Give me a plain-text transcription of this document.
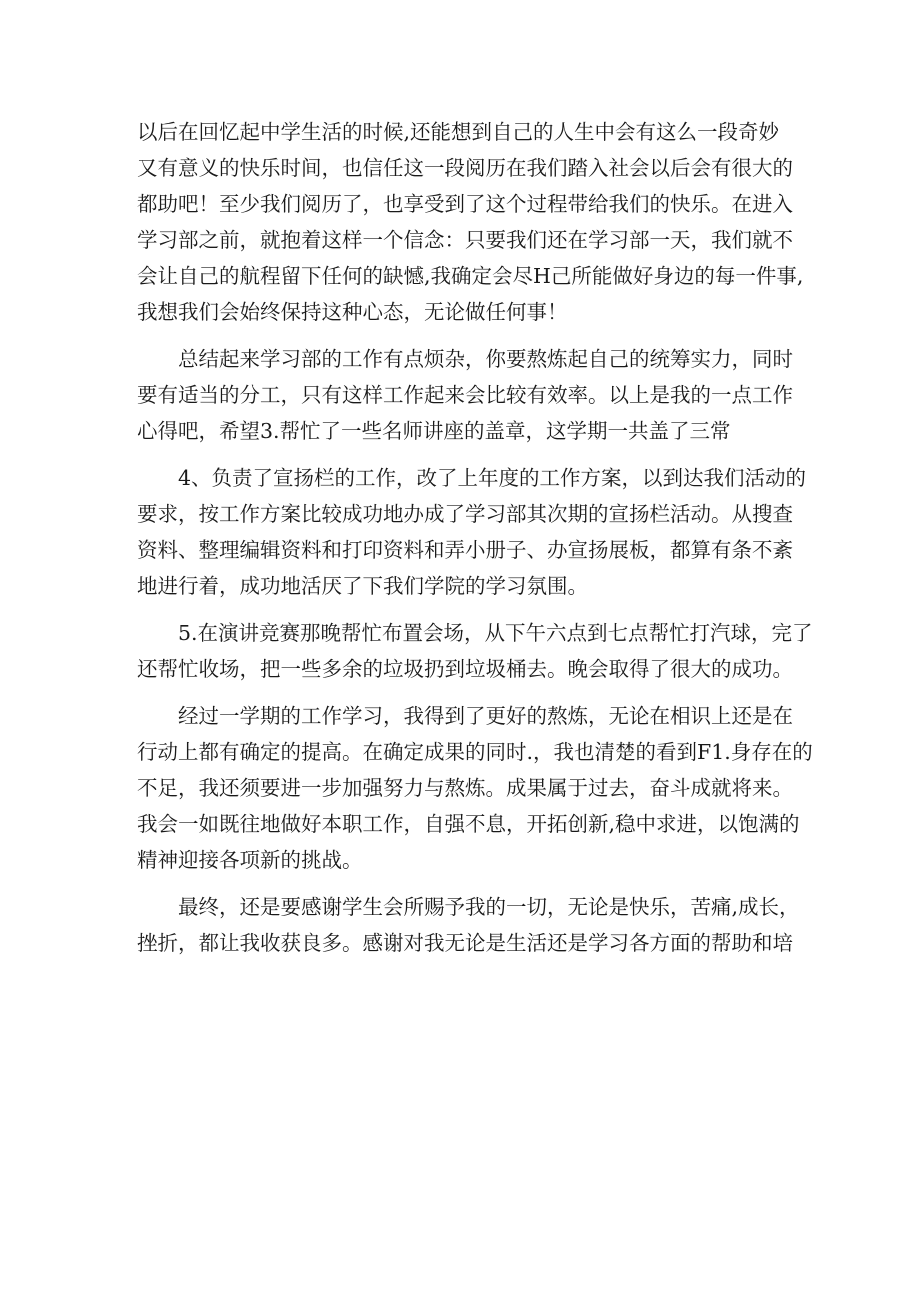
以后在回忆起中学生活的时候,还能想到自己的人生中会有这么一段奇妙
又有意义的快乐时间，也信任这一段阅历在我们踏入社会以后会有很大的
都助吧！至少我们阅历了，也享受到了这个过程带给我们的快乐。在进入
学习部之前，就抱着这样一个信念：只要我们还在学习部一天，我们就不
会让自己的航程留下任何的缺憾,我确定会尽H己所能做好身边的每一件事,
我想我们会始终保持这种心态，无论做任何事！
总结起来学习部的工作有点烦杂，你要熬炼起自己的统筹实力，同时
要有适当的分工，只有这样工作起来会比较有效率。以上是我的一点工作
心得吧，希望3.帮忙了一些名师讲座的盖章，这学期一共盖了三常
4、负责了宣扬栏的工作，改了上年度的工作方案，以到达我们活动的
要求，按工作方案比较成功地办成了学习部其次期的宣扬栏活动。从搜查
资料、整理编辑资料和打印资料和弄小册子、办宣扬展板，都算有条不紊
地进行着，成功地活厌了下我们学院的学习氛围。
5.在演讲竞赛那晚帮忙布置会场，从下午六点到七点帮忙打汽球，完了
还帮忙收场，把一些多余的垃圾扔到垃圾桶去。晚会取得了很大的成功。
经过一学期的工作学习，我得到了更好的熬炼，无论在相识上还是在
行动上都有确定的提高。在确定成果的同时.，我也清楚的看到F1.身存在的
不足，我还须要进一步加强努力与熬炼。成果属于过去，奋斗成就将来。
我会一如既往地做好本职工作，自强不息，开拓创新,稳中求进，以饱满的
精神迎接各项新的挑战。
最终，还是要感谢学生会所赐予我的一切，无论是快乐，苦痛,成长，
挫折，都让我收获良多。感谢对我无论是生活还是学习各方面的帮助和培
